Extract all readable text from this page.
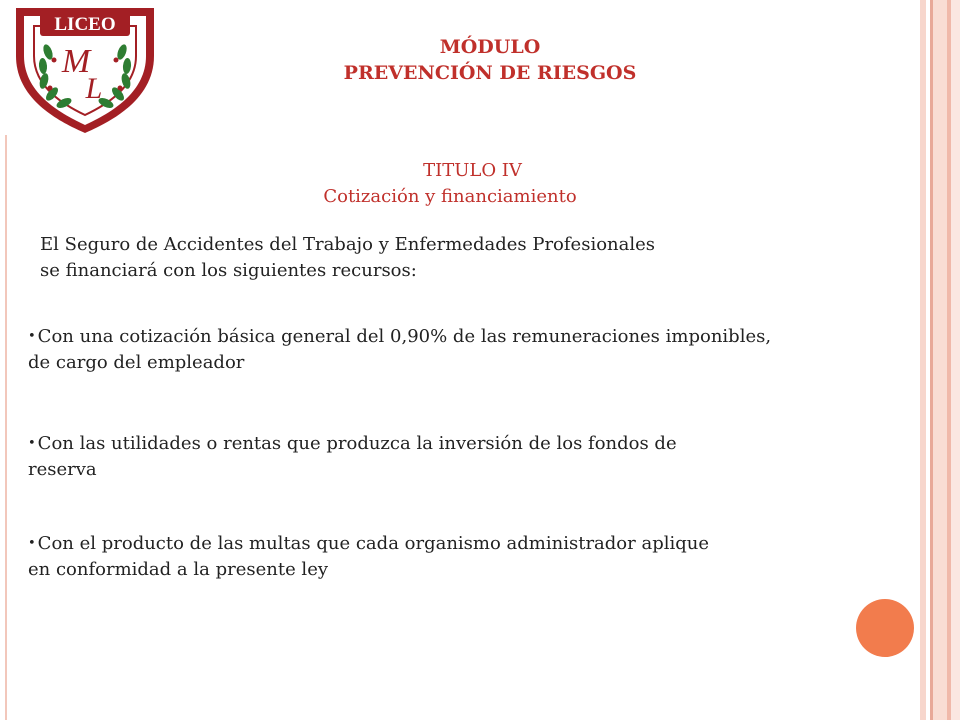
LICEO
M
L
MÓDULO
PREVENCIÓN DE RIESGOS
TITULO IV
Cotización y financiamiento
El Seguro de Accidentes del Trabajo y Enfermedades Profesionales
se financiará con los siguientes recursos:
• Con una cotización básica general del 0,90% de las remuneraciones imponibles,
de cargo del empleador
• Con las utilidades o rentas que produzca la inversión de los fondos de
reserva
• Con el producto de las multas que cada organismo administrador aplique
en conformidad a la presente ley
